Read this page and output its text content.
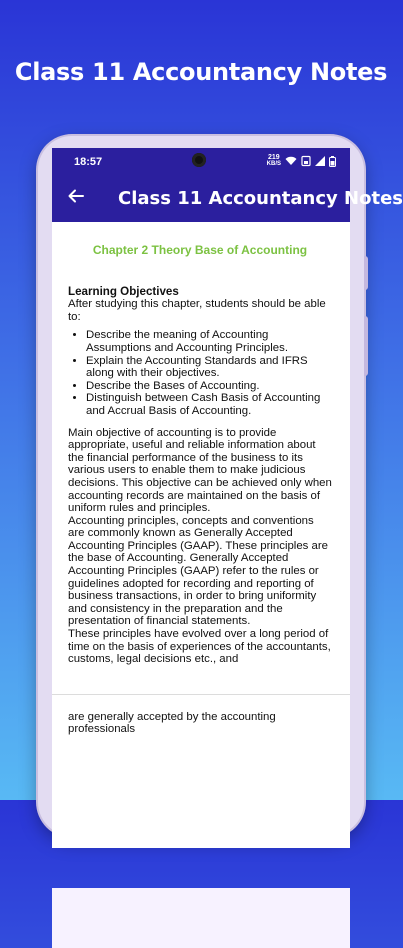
Class 11 Accountancy Notes
18:57	219
KB/S
Class 11 Accountancy Notes
Chapter 2 Theory Base of Accounting
Learning Objectives

After studying this chapter, students should be able to:

• Describe the meaning of Accounting Assumptions and Accounting Principles.
• Explain the Accounting Standards and IFRS along with their objectives.
• Describe the Bases of Accounting.
• Distinguish between Cash Basis of Accounting and Accrual Basis of Accounting.

Main objective of accounting is to provide appropriate, useful and reliable information about the financial performance of the business to its various users to enable them to make judicious decisions. This objective can be achieved only when accounting records are maintained on the basis of uniform rules and principles.

Accounting principles, concepts and conventions are commonly known as Generally Accepted Accounting Principles (GAAP). These principles are the base of Accounting. Generally Accepted Accounting Principles (GAAP) refer to the rules or guidelines adopted for recording and reporting of business transactions, in order to bring uniformity and consistency in the preparation and the presentation of financial statements.

These principles have evolved over a long period of time on the basis of experiences of the accountants, customs, legal decisions etc., and

are generally accepted by the accounting professionals
